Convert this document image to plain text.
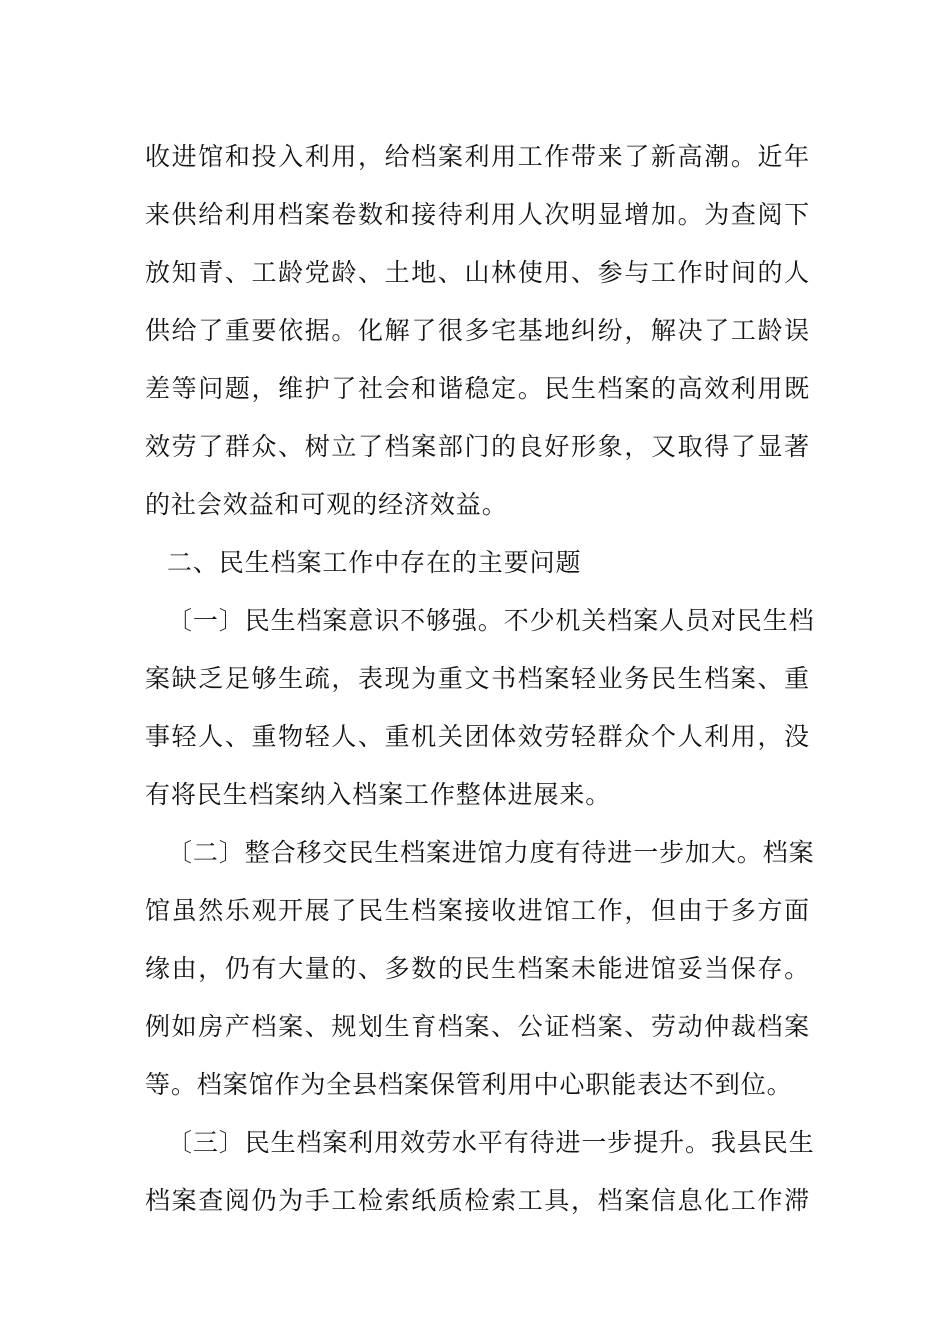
收进馆和投入利用，给档案利用工作带来了新高潮。近年
来供给利用档案卷数和接待利用人次明显增加。为查阅下
放知青、工龄党龄、土地、山林使用、参与工作时间的人
供给了重要依据。化解了很多宅基地纠纷，解决了工龄误
差等问题，维护了社会和谐稳定。民生档案的高效利用既
效劳了群众、树立了档案部门的良好形象，又取得了显著
的社会效益和可观的经济效益。
二、民生档案工作中存在的主要问题
〔一〕民生档案意识不够强。不少机关档案人员对民生档
案缺乏足够生疏，表现为重文书档案轻业务民生档案、重
事轻人、重物轻人、重机关团体效劳轻群众个人利用，没
有将民生档案纳入档案工作整体进展来。
〔二〕整合移交民生档案进馆力度有待进一步加大。档案
馆虽然乐观开展了民生档案接收进馆工作，但由于多方面
缘由，仍有大量的、多数的民生档案未能进馆妥当保存。
例如房产档案、规划生育档案、公证档案、劳动仲裁档案
等。档案馆作为全县档案保管利用中心职能表达不到位。
〔三〕民生档案利用效劳水平有待进一步提升。我县民生
档案查阅仍为手工检索纸质检索工具，档案信息化工作滞
